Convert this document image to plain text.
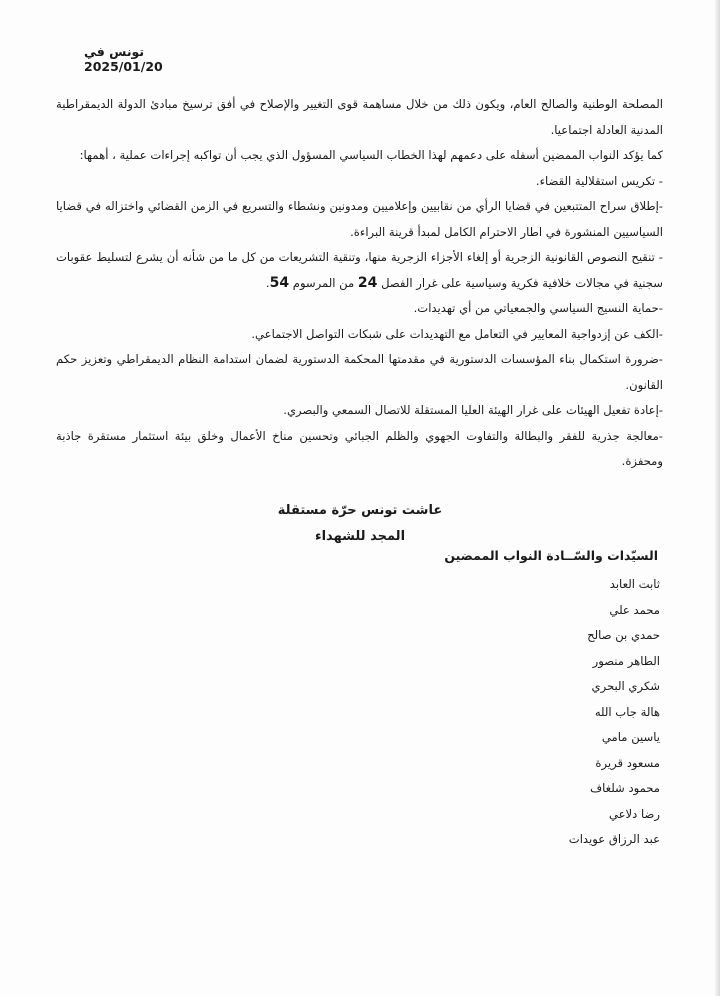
تونس في 2025/01/20

المصلحة الوطنية والصالح العام، ويكون ذلك من خلال مساهمة قوى التغيير والإصلاح في أفق ترسيخ مبادئ الدولة الديمقراطية المدنية العادلة اجتماعيا.

كما يؤكد النواب الممضين أسفله على دعمهم لهذا الخطاب السياسي المسؤول الذي يجب أن تواكبه إجراءات عملية ، أهمها:

- تكريس استقلالية القضاء.

-إطلاق سراح المتتبعين في قضايا الرأي من نقابيين وإعلاميين ومدونين ونشطاء والتسريع في الزمن القضائي واختزاله في قضايا السياسيين المنشورة في اطار الاحترام الكامل لمبدأ قرينة البراءة.

- تنقيح النصوص القانونية الزجرية أو إلغاء الأجزاء الزجرية منها، وتنقية التشريعات من كل ما من شأنه أن يشرع لتسليط عقوبات سجنية في مجالات خلافية فكرية وسياسية على غرار الفصل 24 من المرسوم 54.

-حماية النسيج السياسي والجمعياتي من أي تهديدات.

-الكف عن إزدواجية المعايير في التعامل مع التهديدات على شبكات التواصل الاجتماعي.

-ضرورة استكمال بناء المؤسسات الدستورية في مقدمتها المحكمة الدستورية لضمان استدامة النظام الديمقراطي وتعزيز حكم القانون.

-إعادة تفعيل الهيئات على غرار الهيئة العليا المستقلة للاتصال السمعي والبصري.

-معالجة جذرية للفقر والبطالة والتفاوت الجهوي والظلم الجبائي وتحسين مناخ الأعمال وخلق بيئة استثمار مستقرة جاذبة ومحفزة.

عاشت تونس حرّة مستقلة
المجد للشهداء
السيّدات والسّــادة النواب الممضين
ثابت العابد
محمد علي
حمدي بن صالح
الطاهر منصور
شكري البحري
هالة جاب الله
ياسين مامي
مسعود قريرة
محمود شلغاف
رضا دلاعي
عبد الرزاق عويدات
